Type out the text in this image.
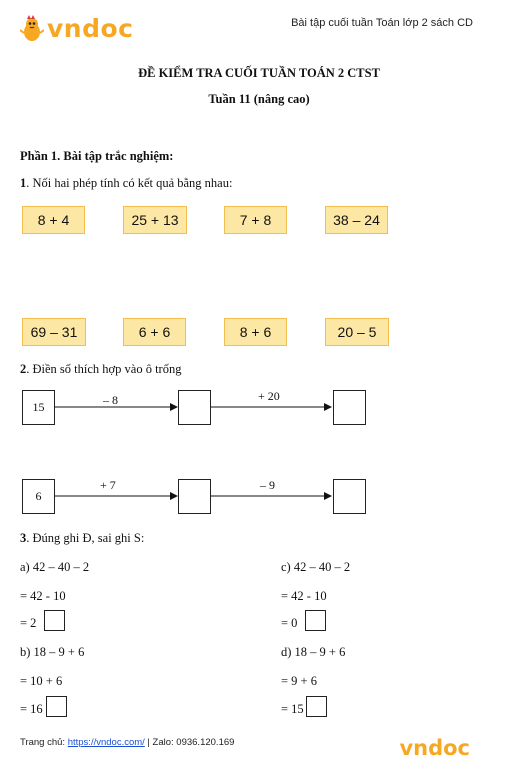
vndoc	Bài tập cuối tuần Toán lớp 2 sách CD
ĐỀ KIỂM TRA CUỐI TUẦN TOÁN 2 CTST
Tuần 11 (nâng cao)
Phần 1. Bài tập trắc nghiệm:
1. Nối hai phép tính có kết quả bằng nhau:
8 + 4	25 + 13	7 + 8	38 – 24
69 – 31	6 + 6	8 + 6	20 – 5
2. Điền số thích hợp vào ô trống
15	– 8	+ 20
6
+ 7	– 9
3. Đúng ghi Đ, sai ghi S:
a) 42 – 40 – 2
= 42 - 10
= 2
c) 42 – 40 – 2
= 42 - 10
= 0
b) 18 – 9 + 6
= 10 + 6
= 16
d) 18 – 9 + 6
= 9 + 6
= 15
Trang chủ: https://vndoc.com/ | Zalo: 0936.120.169	vndoc
